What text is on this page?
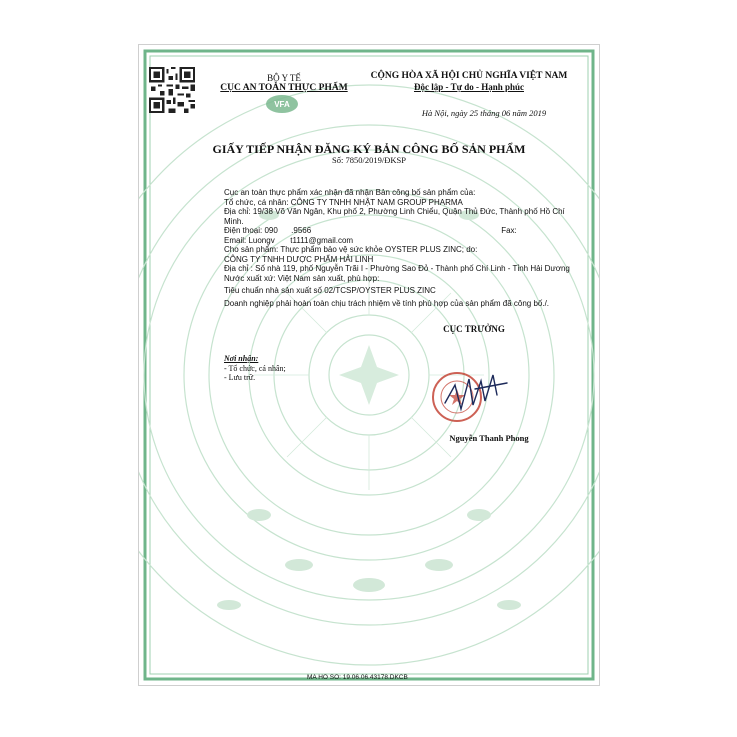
BỘ Y TẾ
CỤC AN TOÀN THỰC PHẨM
VFA
CỘNG HÒA XÃ HỘI CHỦ NGHĨA VIỆT NAM
Độc lập - Tự do - Hạnh phúc
Hà Nội, ngày 25 tháng 06 năm 2019
GIẤY TIẾP NHẬN ĐĂNG KÝ BẢN CÔNG BỐ SẢN PHẨM
Số: 7850/2019/ĐKSP
Cục an toàn thực phẩm xác nhận đã nhận Bản công bố sản phẩm của:
Tổ chức, cá nhân: CÔNG TY TNHH NHẬT NAM GROUP PHARMA
Địa chỉ: 19/38 Võ Văn Ngân, Khu phố 2, Phường Linh Chiểu, Quận Thủ Đức, Thành phố Hồ Chí Minh.
Điện thoại: 090 .9566	Fax:
Email: Luongv t1111@gmail.com
Cho sản phẩm: Thực phẩm bảo vệ sức khỏe OYSTER PLUS ZINC; do:
CÔNG TY TNHH DƯỢC PHẨM HẢI LINH
Địa chỉ : Số nhà 119, phố Nguyễn Trãi I - Phường Sao Đỏ - Thành phố Chí Linh - Tỉnh Hải Dương
Nước xuất xứ: Việt Nam sản xuất, phù hợp:
Tiêu chuẩn nhà sản xuất số 02/TCSP/OYSTER PLUS ZINC
Doanh nghiệp phải hoàn toàn chịu trách nhiệm về tính phù hợp của sản phẩm đã công bố./.
Nơi nhận:
- Tổ chức, cá nhân;
- Lưu trữ.
CỤC TRƯỞNG
Nguyễn Thanh Phong
MA HO SO: 19.06.06.43178.DKCB
